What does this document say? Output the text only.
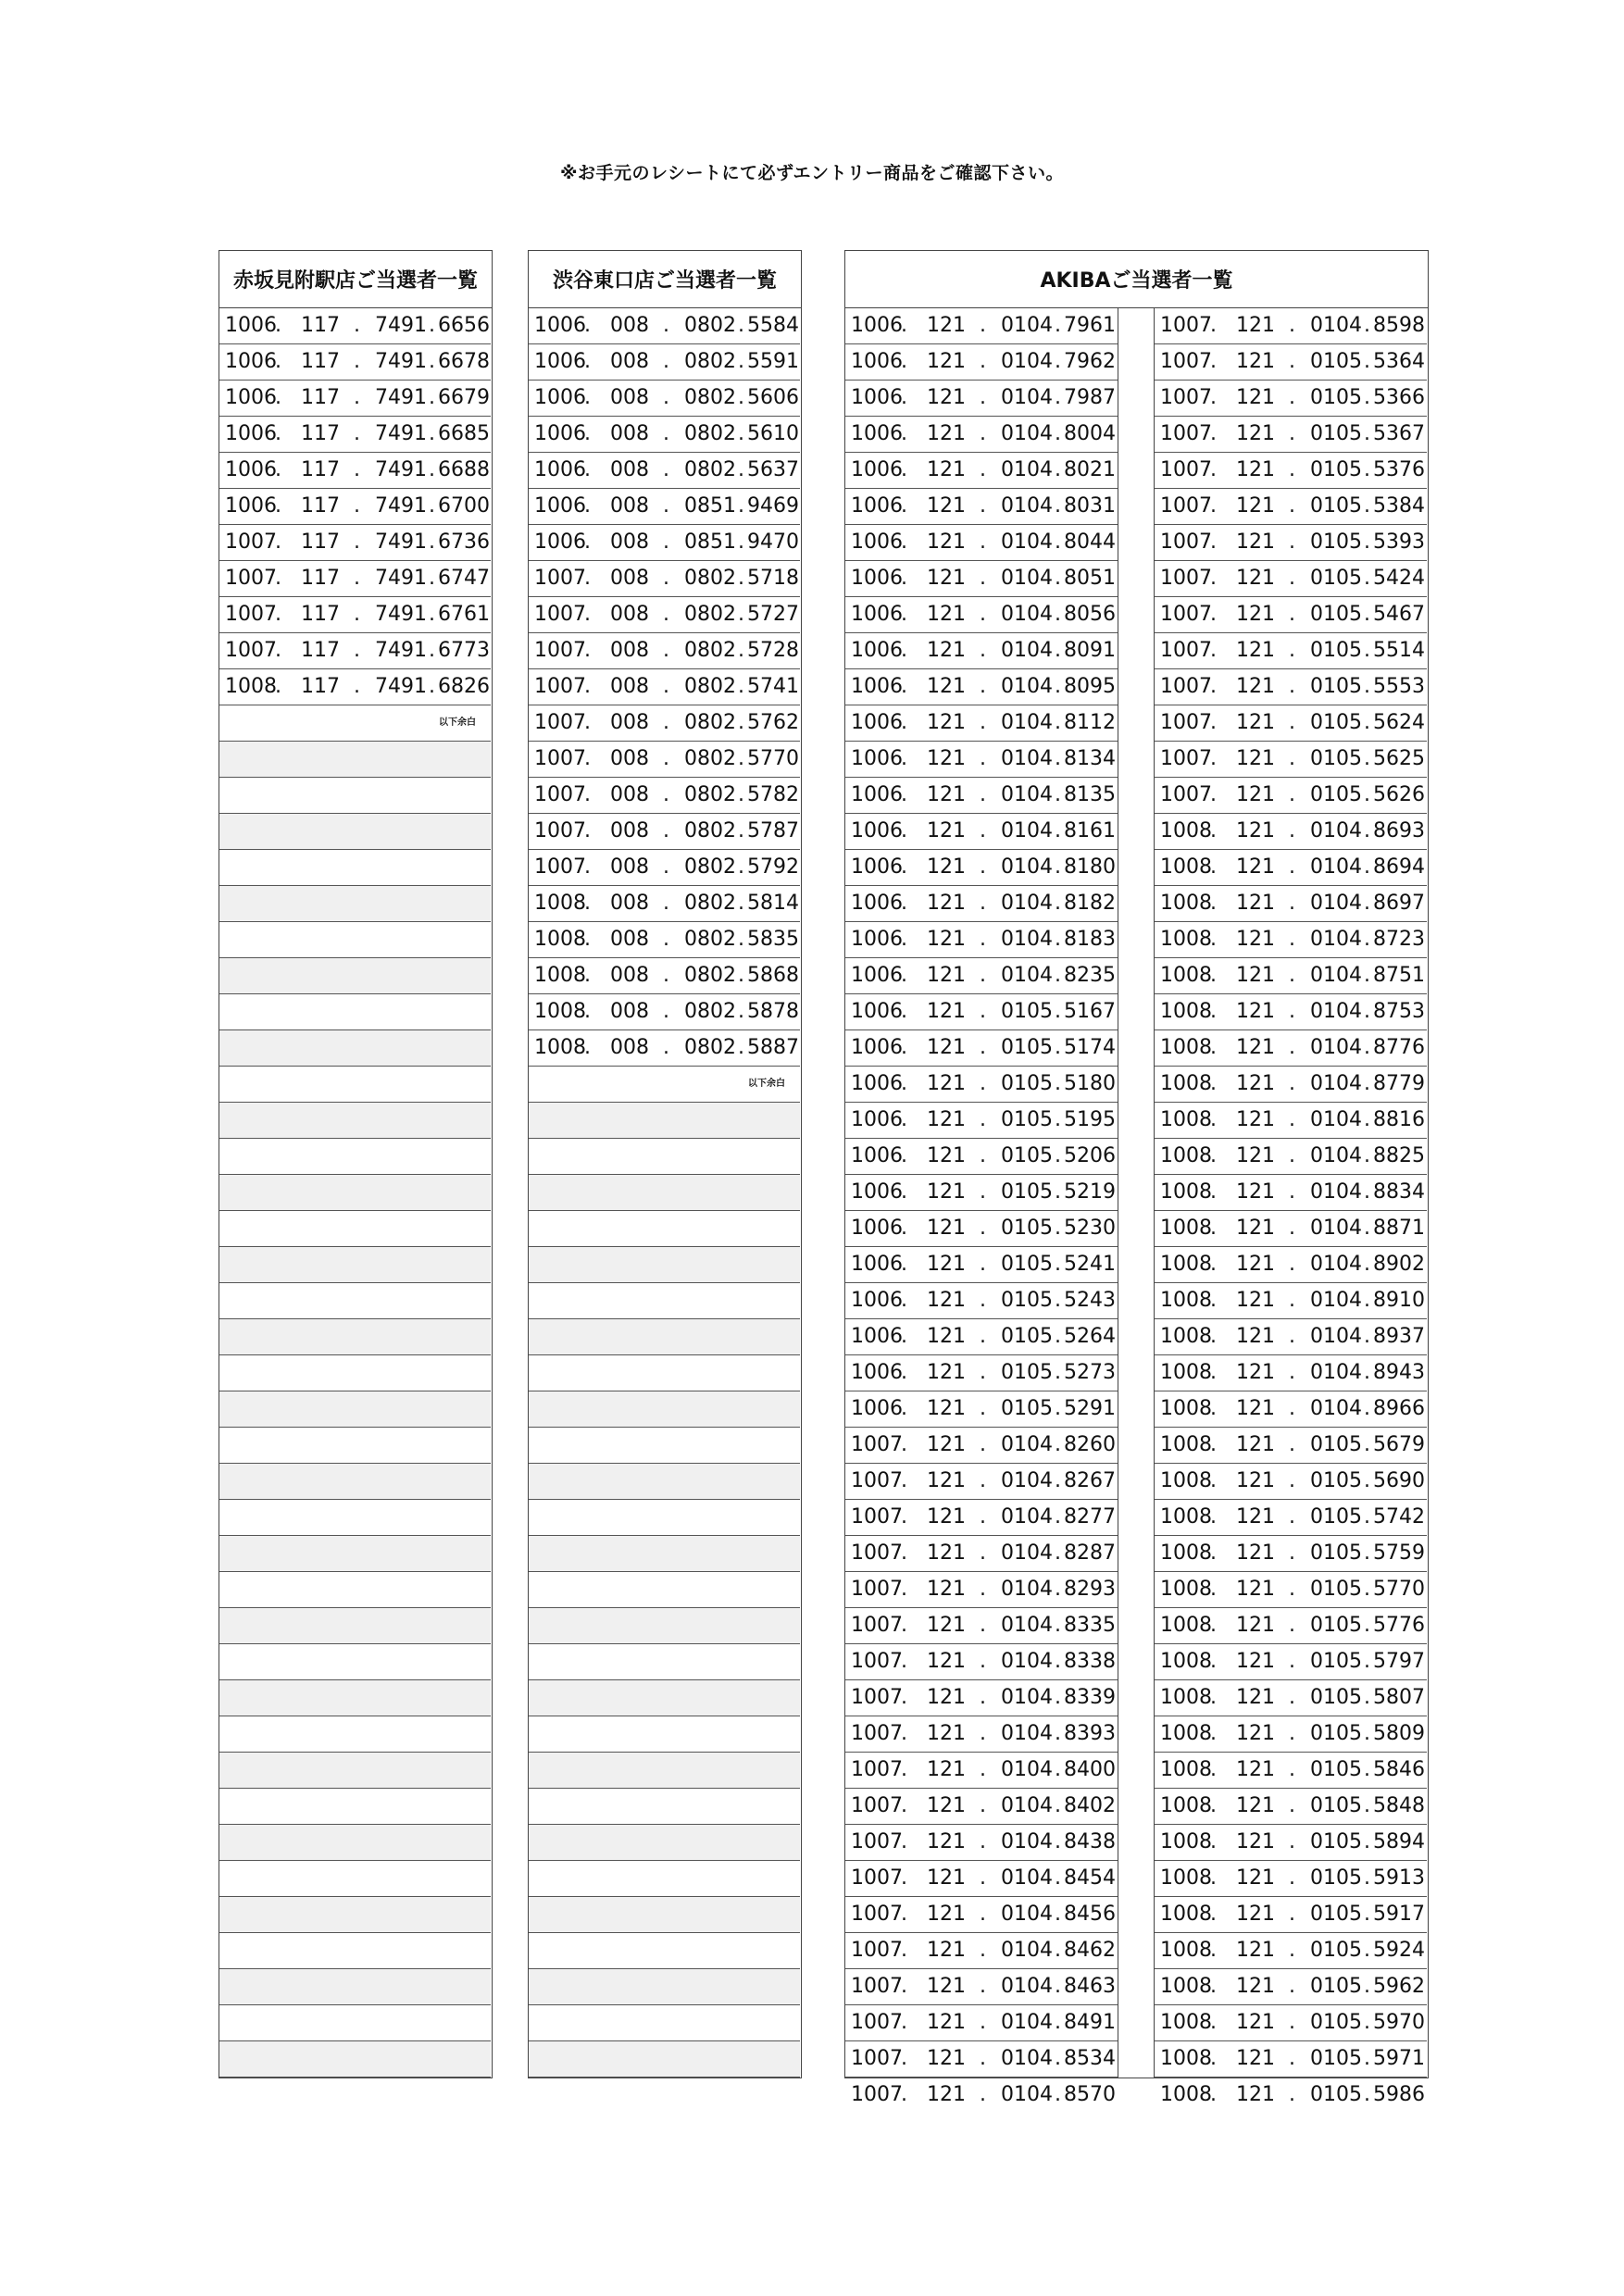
※お手元のレシートにて必ずエントリー商品をご確認下さい。
赤坂見附駅店ご当選者一覧
1006
. 117 . 7491 . 6656
1006
. 117 . 7491 . 6678
1006
. 117 . 7491 . 6679
1006
. 117 . 7491 . 6685
1006
. 117 . 7491 . 6688
1006
. 117 . 7491 . 6700
1007
. 117 . 7491 . 6736
1007
. 117 . 7491 . 6747
1007
. 117 . 7491 . 6761
1007
. 117 . 7491 . 6773
1008
. 117 . 7491 . 6826
以下余白
渋谷東口店ご当選者一覧
1006
. 008 . 0802 . 5584
1006
. 008 . 0802 . 5591
1006
. 008 . 0802 . 5606
1006
. 008 . 0802 . 5610
1006
. 008 . 0802 . 5637
1006
. 008 . 0851 . 9469
1006
. 008 . 0851 . 9470
1007
. 008 . 0802 . 5718
1007
. 008 . 0802 . 5727
1007
. 008 . 0802 . 5728
1007
. 008 . 0802 . 5741
1007
. 008 . 0802 . 5762
1007
. 008 . 0802 . 5770
1007
. 008 . 0802 . 5782
1007
. 008 . 0802 . 5787
1007
. 008 . 0802 . 5792
1008
. 008 . 0802 . 5814
1008
. 008 . 0802 . 5835
1008
. 008 . 0802 . 5868
1008
. 008 . 0802 . 5878
1008
. 008 . 0802 . 5887
以下余白
AKIBAご当選者一覧
1006
. 121 . 0104 . 7961
1006
. 121 . 0104 . 7962
1006
. 121 . 0104 . 7987
1006
. 121 . 0104 . 8004
1006
. 121 . 0104 . 8021
1006
. 121 . 0104 . 8031
1006
. 121 . 0104 . 8044
1006
. 121 . 0104 . 8051
1006
. 121 . 0104 . 8056
1006
. 121 . 0104 . 8091
1006
. 121 . 0104 . 8095
1006
. 121 . 0104 . 8112
1006
. 121 . 0104 . 8134
1006
. 121 . 0104 . 8135
1006
. 121 . 0104 . 8161
1006
. 121 . 0104 . 8180
1006
. 121 . 0104 . 8182
1006
. 121 . 0104 . 8183
1006
. 121 . 0104 . 8235
1006
. 121 . 0105 . 5167
1006
. 121 . 0105 . 5174
1006
. 121 . 0105 . 5180
1006
. 121 . 0105 . 5195
1006
. 121 . 0105 . 5206
1006
. 121 . 0105 . 5219
1006
. 121 . 0105 . 5230
1006
. 121 . 0105 . 5241
1006
. 121 . 0105 . 5243
1006
. 121 . 0105 . 5264
1006
. 121 . 0105 . 5273
1006
. 121 . 0105 . 5291
1007
. 121 . 0104 . 8260
1007
. 121 . 0104 . 8267
1007
. 121 . 0104 . 8277
1007
. 121 . 0104 . 8287
1007
. 121 . 0104 . 8293
1007
. 121 . 0104 . 8335
1007
. 121 . 0104 . 8338
1007
. 121 . 0104 . 8339
1007
. 121 . 0104 . 8393
1007
. 121 . 0104 . 8400
1007
. 121 . 0104 . 8402
1007
. 121 . 0104 . 8438
1007
. 121 . 0104 . 8454
1007
. 121 . 0104 . 8456
1007
. 121 . 0104 . 8462
1007
. 121 . 0104 . 8463
1007
. 121 . 0104 . 8491
1007
. 121 . 0104 . 8534
1007
. 121 . 0104 . 8570
1007
. 121 . 0104 . 8598
1007
. 121 . 0105 . 5364
1007
. 121 . 0105 . 5366
1007
. 121 . 0105 . 5367
1007
. 121 . 0105 . 5376
1007
. 121 . 0105 . 5384
1007
. 121 . 0105 . 5393
1007
. 121 . 0105 . 5424
1007
. 121 . 0105 . 5467
1007
. 121 . 0105 . 5514
1007
. 121 . 0105 . 5553
1007
. 121 . 0105 . 5624
1007
. 121 . 0105 . 5625
1007
. 121 . 0105 . 5626
1008
. 121 . 0104 . 8693
1008
. 121 . 0104 . 8694
1008
. 121 . 0104 . 8697
1008
. 121 . 0104 . 8723
1008
. 121 . 0104 . 8751
1008
. 121 . 0104 . 8753
1008
. 121 . 0104 . 8776
1008
. 121 . 0104 . 8779
1008
. 121 . 0104 . 8816
1008
. 121 . 0104 . 8825
1008
. 121 . 0104 . 8834
1008
. 121 . 0104 . 8871
1008
. 121 . 0104 . 8902
1008
. 121 . 0104 . 8910
1008
. 121 . 0104 . 8937
1008
. 121 . 0104 . 8943
1008
. 121 . 0104 . 8966
1008
. 121 . 0105 . 5679
1008
. 121 . 0105 . 5690
1008
. 121 . 0105 . 5742
1008
. 121 . 0105 . 5759
1008
. 121 . 0105 . 5770
1008
. 121 . 0105 . 5776
1008
. 121 . 0105 . 5797
1008
. 121 . 0105 . 5807
1008
. 121 . 0105 . 5809
1008
. 121 . 0105 . 5846
1008
. 121 . 0105 . 5848
1008
. 121 . 0105 . 5894
1008
. 121 . 0105 . 5913
1008
. 121 . 0105 . 5917
1008
. 121 . 0105 . 5924
1008
. 121 . 0105 . 5962
1008
. 121 . 0105 . 5970
1008
. 121 . 0105 . 5971
1008
. 121 . 0105 . 5986
